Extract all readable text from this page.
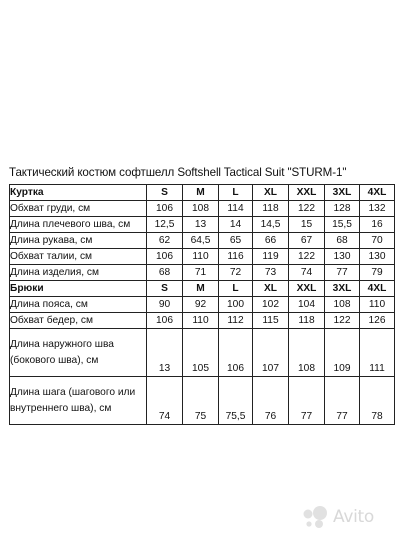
Тактический костюм софтшелл Softshell Tactical Suit "STURM-1"
Куртка	S	M	L	XL	XXL	3XL	4XL
Обхват груди, см	106	108	114	118	122	128	132
Длина плечевого шва, см	12,5	13	14	14,5	15	15,5	16
Длина рукава, см	62	64,5	65	66	67	68	70
Обхват талии, см	106	110	116	119	122	130	130
Длина изделия, см	68	71	72	73	74	77	79
Брюки	S	M	L	XL	XXL	3XL	4XL
Длина пояса, см	90	92	100	102	104	108	110
Обхват бедер, см	106	110	112	115	118	122	126
Длина наружного шва (бокового шва), см	13	105	106	107	108	109	111
Длина шага (шагового или внутреннего шва), см	74	75	75,5	76	77	77	78
Avito
